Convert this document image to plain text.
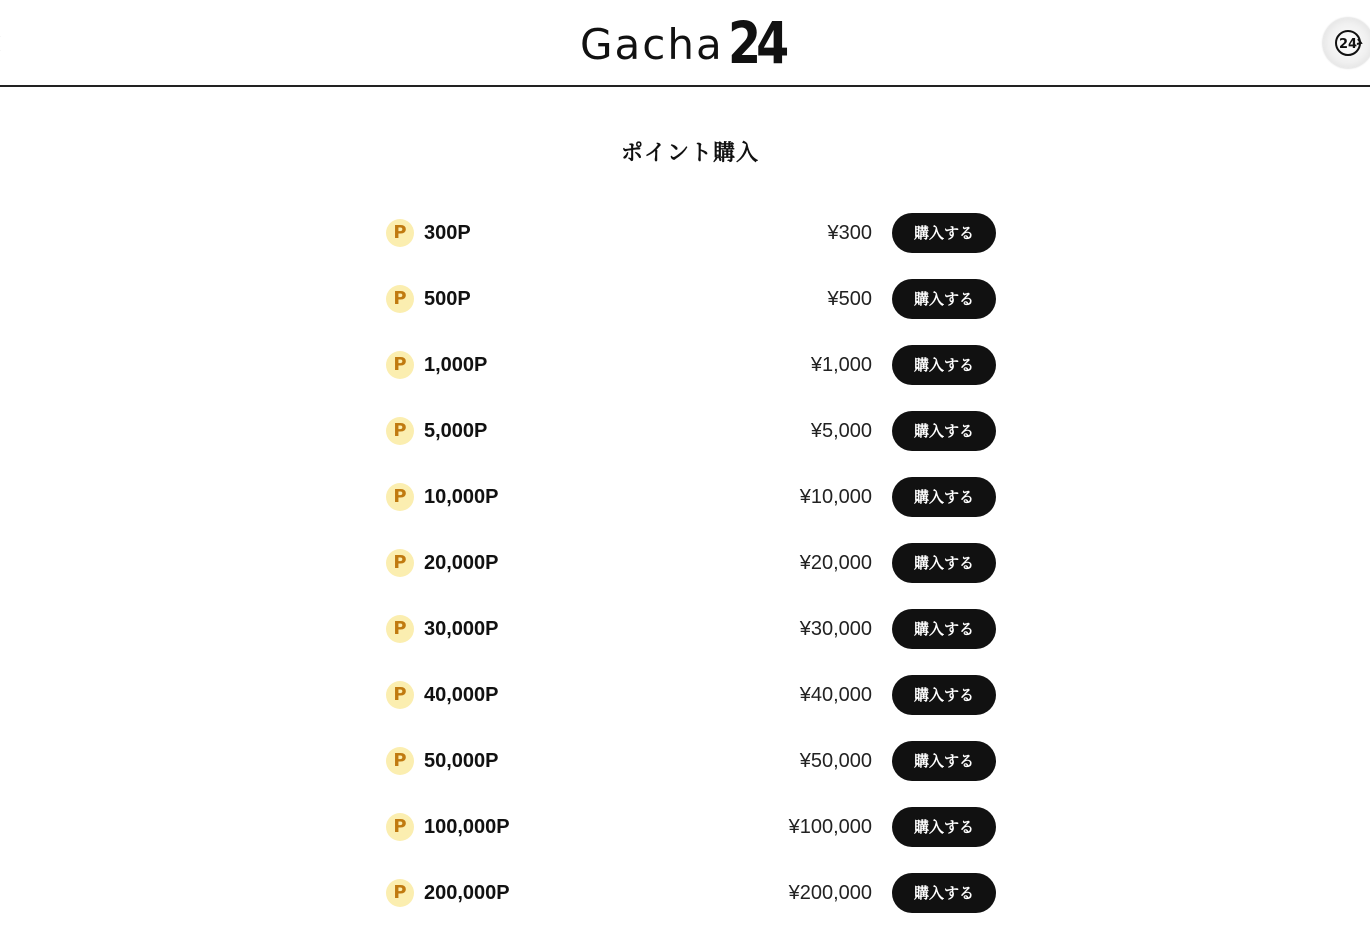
Gacha 24	24
ポイント購入
P 300P	¥300	購入する
P 500P	¥500	購入する
P 1,000P	¥1,000	購入する
P 5,000P	¥5,000	購入する
P 10,000P	¥10,000	購入する
P 20,000P	¥20,000	購入する
P 30,000P	¥30,000	購入する
P 40,000P	¥40,000	購入する
P 50,000P	¥50,000	購入する
P 100,000P	¥100,000	購入する
P 200,000P	¥200,000	購入する
